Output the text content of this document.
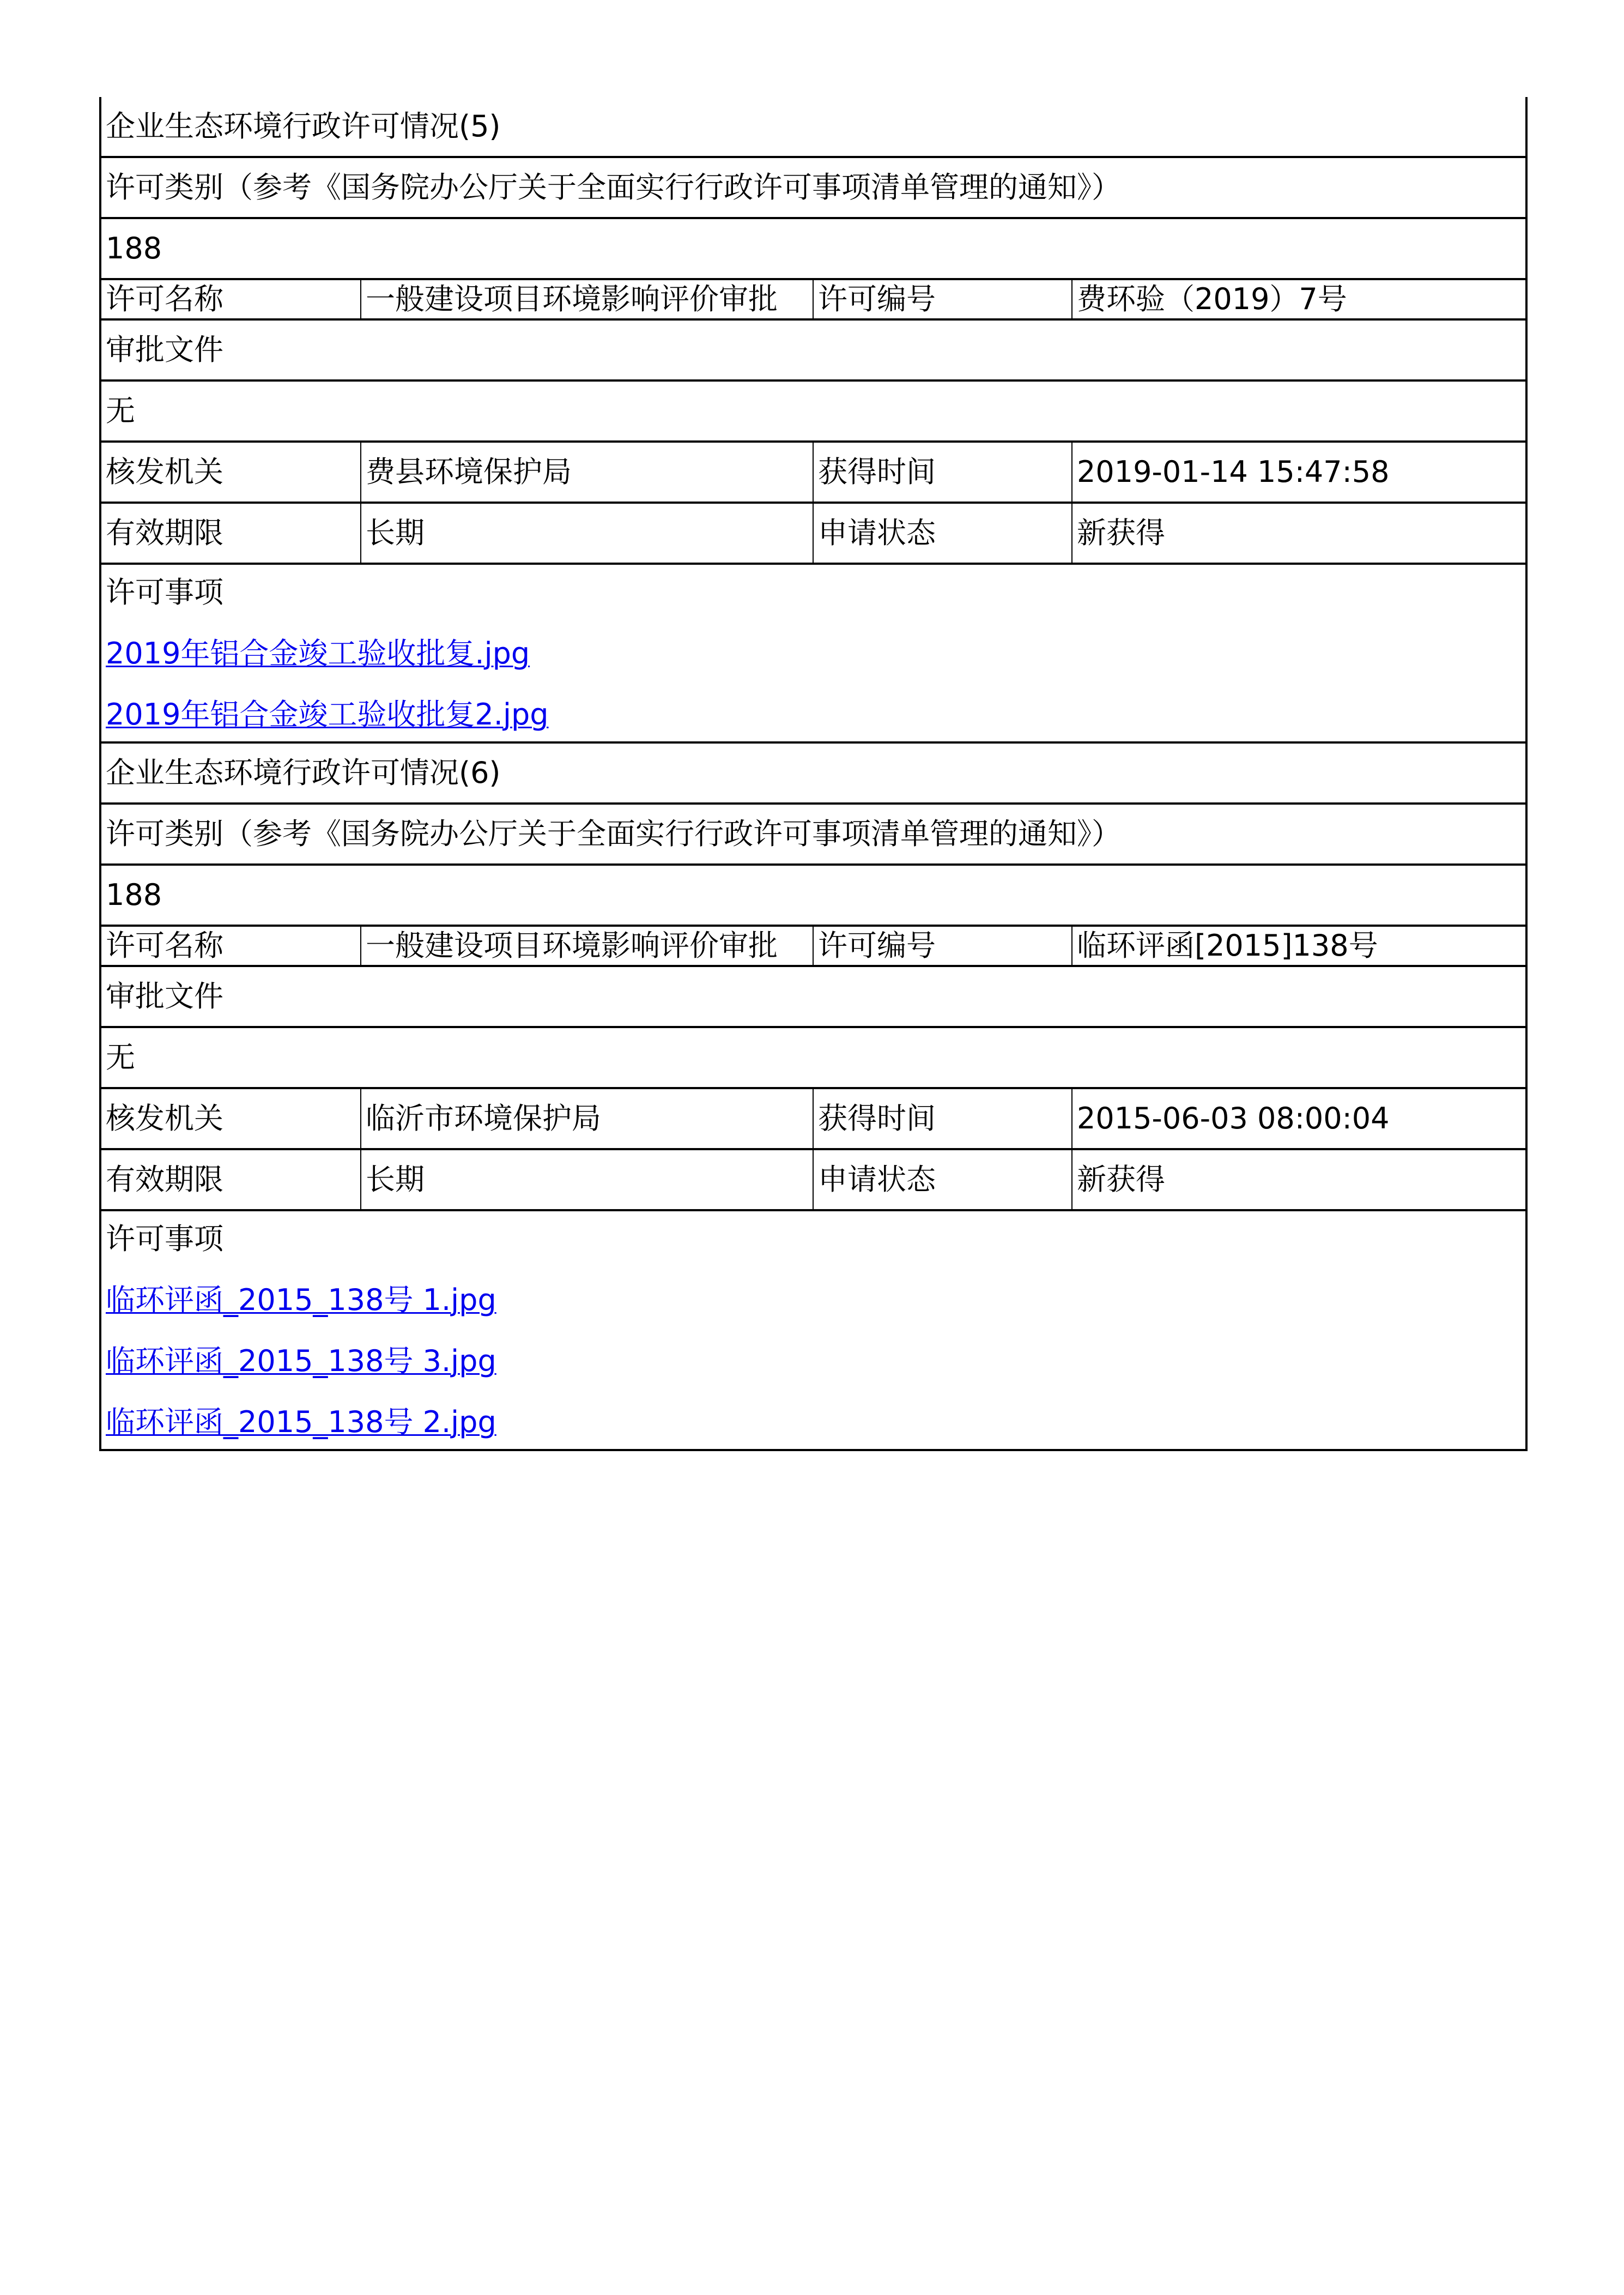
企业生态环境行政许可情况(5)			
许可类别（参考《国务院办公厅关于全面实行行政许可事项清单管理的通知》）			
188			
许可名称	一般建设项目环境影响评价审批	许可编号	费环验（2019）7号
审批文件			
无			
核发机关	费县环境保护局	获得时间	2019-01-14 15:47:58
有效期限	长期	申请状态	新获得

许可事项
2019年铝合金竣工验收批复.jpg
2019年铝合金竣工验收批复2.jpg			

企业生态环境行政许可情况(6)			
许可类别（参考《国务院办公厅关于全面实行行政许可事项清单管理的通知》）			
188			
许可名称	一般建设项目环境影响评价审批	许可编号	临环评函[2015]138号
审批文件			
无			
核发机关	临沂市环境保护局	获得时间	2015-06-03 08:00:04
有效期限	长期	申请状态	新获得

许可事项
临环评函_2015_138号 1.jpg
临环评函_2015_138号 3.jpg
临环评函_2015_138号 2.jpg			
